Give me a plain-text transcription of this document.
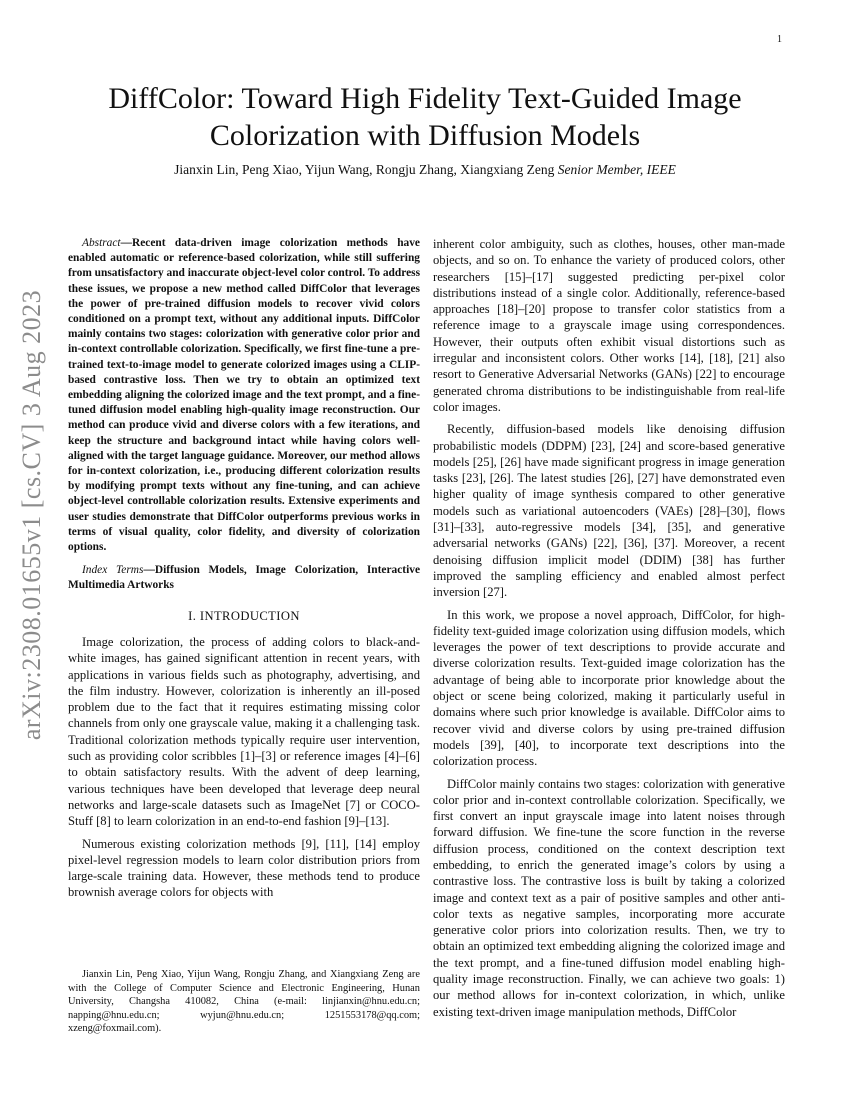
1
arXiv:2308.01655v1 [cs.CV] 3 Aug 2023
DiffColor: Toward High Fidelity Text-Guided Image
Colorization with Diffusion Models
Jianxin Lin, Peng Xiao, Yijun Wang, Rongju Zhang, Xiangxiang Zeng Senior Member, IEEE

Abstract—Recent data-driven image colorization methods have enabled automatic or reference-based colorization, while still suffering from unsatisfactory and inaccurate object-level color control. To address these issues, we propose a new method called DiffColor that leverages the power of pre-trained diffusion models to recover vivid colors conditioned on a prompt text, without any additional inputs. DiffColor mainly contains two stages: colorization with generative color prior and in-context controllable colorization. Specifically, we first fine-tune a pre-trained text-to-image model to generate colorized images using a CLIP-based contrastive loss. Then we try to obtain an optimized text embedding aligning the colorized image and the text prompt, and a fine-tuned diffusion model enabling high-quality image reconstruction. Our method can produce vivid and diverse colors with a few iterations, and keep the structure and background intact while having colors well-aligned with the target language guidance. Moreover, our method allows for in-context colorization, i.e., producing different colorization results by modifying prompt texts without any fine-tuning, and can achieve object-level controllable colorization results. Extensive experiments and user studies demonstrate that DiffColor outperforms previous works in terms of visual quality, color fidelity, and diversity of colorization options.

Index Terms—Diffusion Models, Image Colorization, Interactive Multimedia Artworks

I. INTRODUCTION

Image colorization, the process of adding colors to black-and-white images, has gained significant attention in recent years, with applications in various fields such as photography, advertising, and the film industry. However, colorization is inherently an ill-posed problem due to the fact that it requires estimating missing color channels from only one grayscale value, making it a challenging task. Traditional colorization methods typically require user intervention, such as providing color scribbles [1]–[3] or reference images [4]–[6] to obtain satisfactory results. With the advent of deep learning, various techniques have been developed that leverage deep neural networks and large-scale datasets such as ImageNet [7] or COCO-Stuff [8] to learn colorization in an end-to-end fashion [9]–[13].

Numerous existing colorization methods [9], [11], [14] employ pixel-level regression models to learn color distribution priors from large-scale training data. However, these methods tend to produce brownish average colors for objects with

Jianxin Lin, Peng Xiao, Yijun Wang, Rongju Zhang, and Xiangxiang Zeng are with the College of Computer Science and Electronic Engineering, Hunan University, Changsha 410082, China (e-mail: linjianxin@hnu.edu.cn; napping@hnu.edu.cn; wyjun@hnu.edu.cn; 1251553178@qq.com; xzeng@foxmail.com).

inherent color ambiguity, such as clothes, houses, other man-made objects, and so on. To enhance the variety of produced colors, other researchers [15]–[17] suggested predicting per-pixel color distributions instead of a single color. Additionally, reference-based approaches [18]–[20] propose to transfer color statistics from a reference image to a grayscale image using correspondences. However, their outputs often exhibit visual distortions such as irregular and inconsistent colors. Other works [14], [18], [21] also resort to Generative Adversarial Networks (GANs) [22] to encourage generated chroma distributions to be indistinguishable from real-life color images.

Recently, diffusion-based models like denoising diffusion probabilistic models (DDPM) [23], [24] and score-based generative models [25], [26] have made significant progress in image generation tasks [23], [26]. The latest studies [26], [27] have demonstrated even higher quality of image synthesis compared to other generative models such as variational autoencoders (VAEs) [28]–[30], flows [31]–[33], auto-regressive models [34], [35], and generative adversarial networks (GANs) [22], [36], [37]. Moreover, a recent denoising diffusion implicit model (DDIM) [38] has further improved the sampling efficiency and enabled almost perfect inversion [27].

In this work, we propose a novel approach, DiffColor, for high-fidelity text-guided image colorization using diffusion models, which leverages the power of text descriptions to provide accurate and diverse colorization results. Text-guided image colorization has the advantage of being able to incorporate prior knowledge about the object or scene being colorized, making it particularly useful in domains where such prior knowledge is available. DiffColor aims to recover vivid and diverse colors by using pre-trained diffusion models [39], [40], to incorporate text descriptions into the colorization process.

DiffColor mainly contains two stages: colorization with generative color prior and in-context controllable colorization. Specifically, we first convert an input grayscale image into latent noises through forward diffusion. We fine-tune the score function in the reverse diffusion process, conditioned on the context description text embedding, to enrich the generated image’s colors by using a contrastive loss. The contrastive loss is built by taking a colorized image and context text as a pair of positive samples and other anti-color texts as negative samples, incorporating more accurate generative color priors into colorization results. Then, we try to obtain an optimized text embedding aligning the colorized image and the text prompt, and a fine-tuned diffusion model enabling high-quality image reconstruction. Finally, we can achieve two goals: 1) our method allows for in-context colorization, in which, unlike existing text-driven image manipulation methods, DiffColor
